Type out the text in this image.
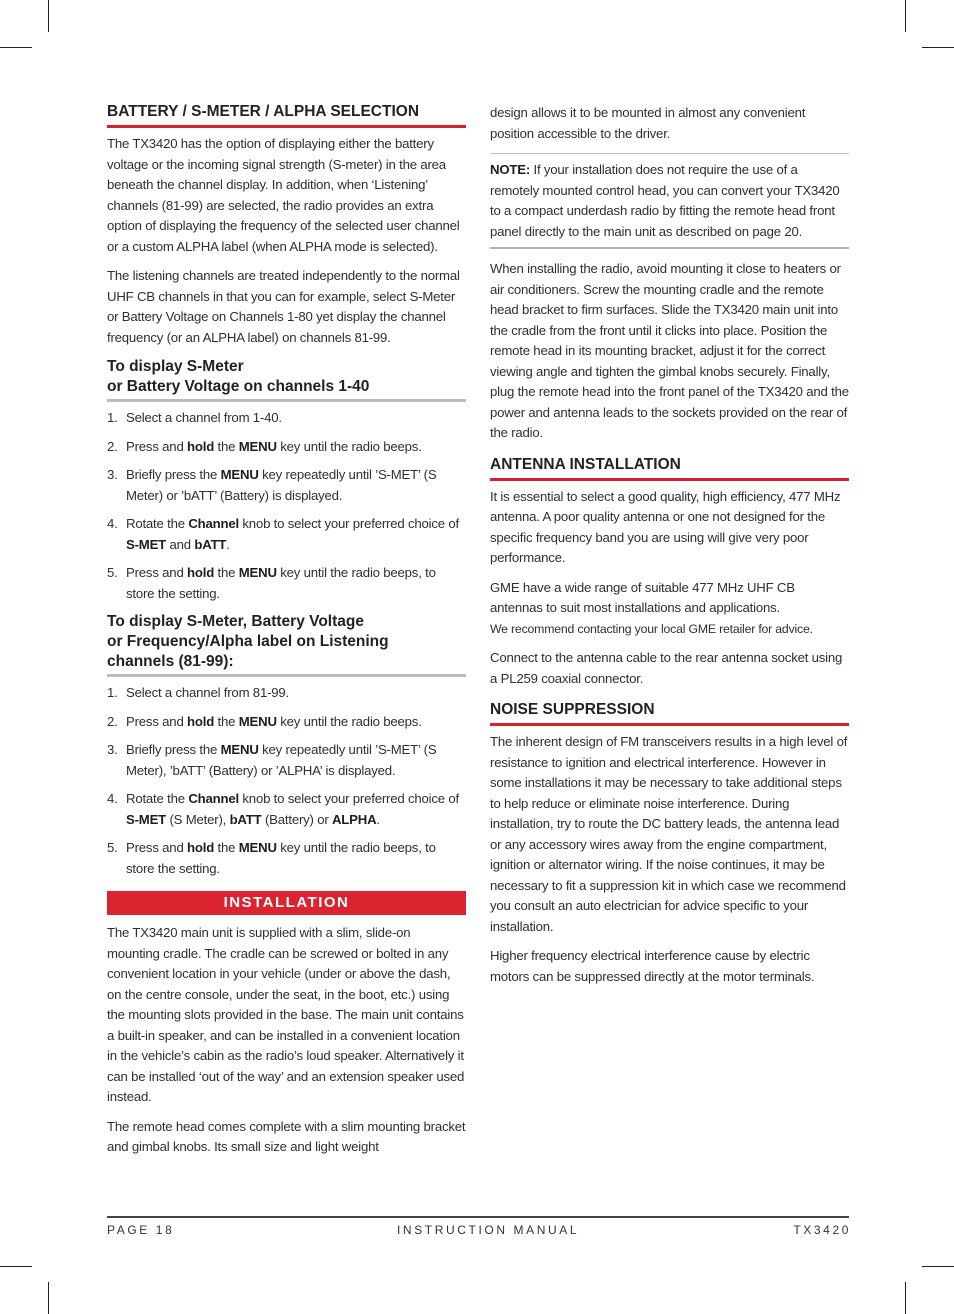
BATTERY / S-METER / ALPHA SELECTION

The TX3420 has the option of displaying either the battery voltage or the incoming signal strength (S-meter) in the area beneath the channel display. In addition, when ‘Listening’ channels (81-99) are selected, the radio provides an extra option of displaying the frequency of the selected user channel or a custom ALPHA label (when ALPHA mode is selected).

The listening channels are treated independently to the normal UHF CB channels in that you can for example, select S-Meter or Battery Voltage on Channels 1-80 yet display the channel frequency (or an ALPHA label) on channels 81-99.

To display S-Meter
or Battery Voltage on channels 1-40
1. Select a channel from 1-40.
2. Press and hold the MENU key until the radio beeps.
3. Briefly press the MENU key repeatedly until ’S-MET’ (S Meter) or ’bATT’ (Battery) is displayed.
4. Rotate the Channel knob to select your preferred choice of S-MET and bATT.
5. Press and hold the MENU key until the radio beeps, to store the setting.
To display S-Meter, Battery Voltage
or Frequency/Alpha label on Listening
channels (81-99):
1. Select a channel from 81-99.
2. Press and hold the MENU key until the radio beeps.
3. Briefly press the MENU key repeatedly until ’S-MET’ (S Meter), ’bATT’ (Battery) or ’ALPHA’ is displayed.
4. Rotate the Channel knob to select your preferred choice of S-MET (S Meter), bATT (Battery) or ALPHA.
5. Press and hold the MENU key until the radio beeps, to store the setting.
INSTALLATION

The TX3420 main unit is supplied with a slim, slide-on mounting cradle. The cradle can be screwed or bolted in any convenient location in your vehicle (under or above the dash, on the centre console, under the seat, in the boot, etc.) using the mounting slots provided in the base. The main unit contains a built-in speaker, and can be installed in a convenient location in the vehicle’s cabin as the radio’s loud speaker. Alternatively it can be installed ‘out of the way’ and an extension speaker used instead.

The remote head comes complete with a slim mounting bracket and gimbal knobs. Its small size and light weight

design allows it to be mounted in almost any convenient position accessible to the driver.

NOTE: If your installation does not require the use of a remotely mounted control head, you can convert your TX3420 to a compact underdash radio by fitting the remote head front panel directly to the main unit as described on page 20.

When installing the radio, avoid mounting it close to heaters or air conditioners. Screw the mounting cradle and the remote head bracket to firm surfaces. Slide the TX3420 main unit into the cradle from the front until it clicks into place. Position the remote head in its mounting bracket, adjust it for the correct viewing angle and tighten the gimbal knobs securely. Finally, plug the remote head into the front panel of the TX3420 and the power and antenna leads to the sockets provided on the rear of the radio.

ANTENNA INSTALLATION

It is essential to select a good quality, high efficiency, 477 MHz antenna. A poor quality antenna or one not designed for the specific frequency band you are using will give very poor performance.

GME have a wide range of suitable 477 MHz UHF CB antennas to suit most installations and applications.
We recommend contacting your local GME retailer for advice.

Connect to the antenna cable to the rear antenna socket using a PL259 coaxial connector.

NOISE SUPPRESSION

The inherent design of FM transceivers results in a high level of resistance to ignition and electrical interference. However in some installations it may be necessary to take additional steps to help reduce or eliminate noise interference. During installation, try to route the DC battery leads, the antenna lead or any accessory wires away from the engine compartment, ignition or alternator wiring. If the noise continues, it may be necessary to fit a suppression kit in which case we recommend you consult an auto electrician for advice specific to your installation.

Higher frequency electrical interference cause by electric motors can be suppressed directly at the motor terminals.

PAGE 18	INSTRUCTION MANUAL	TX3420
